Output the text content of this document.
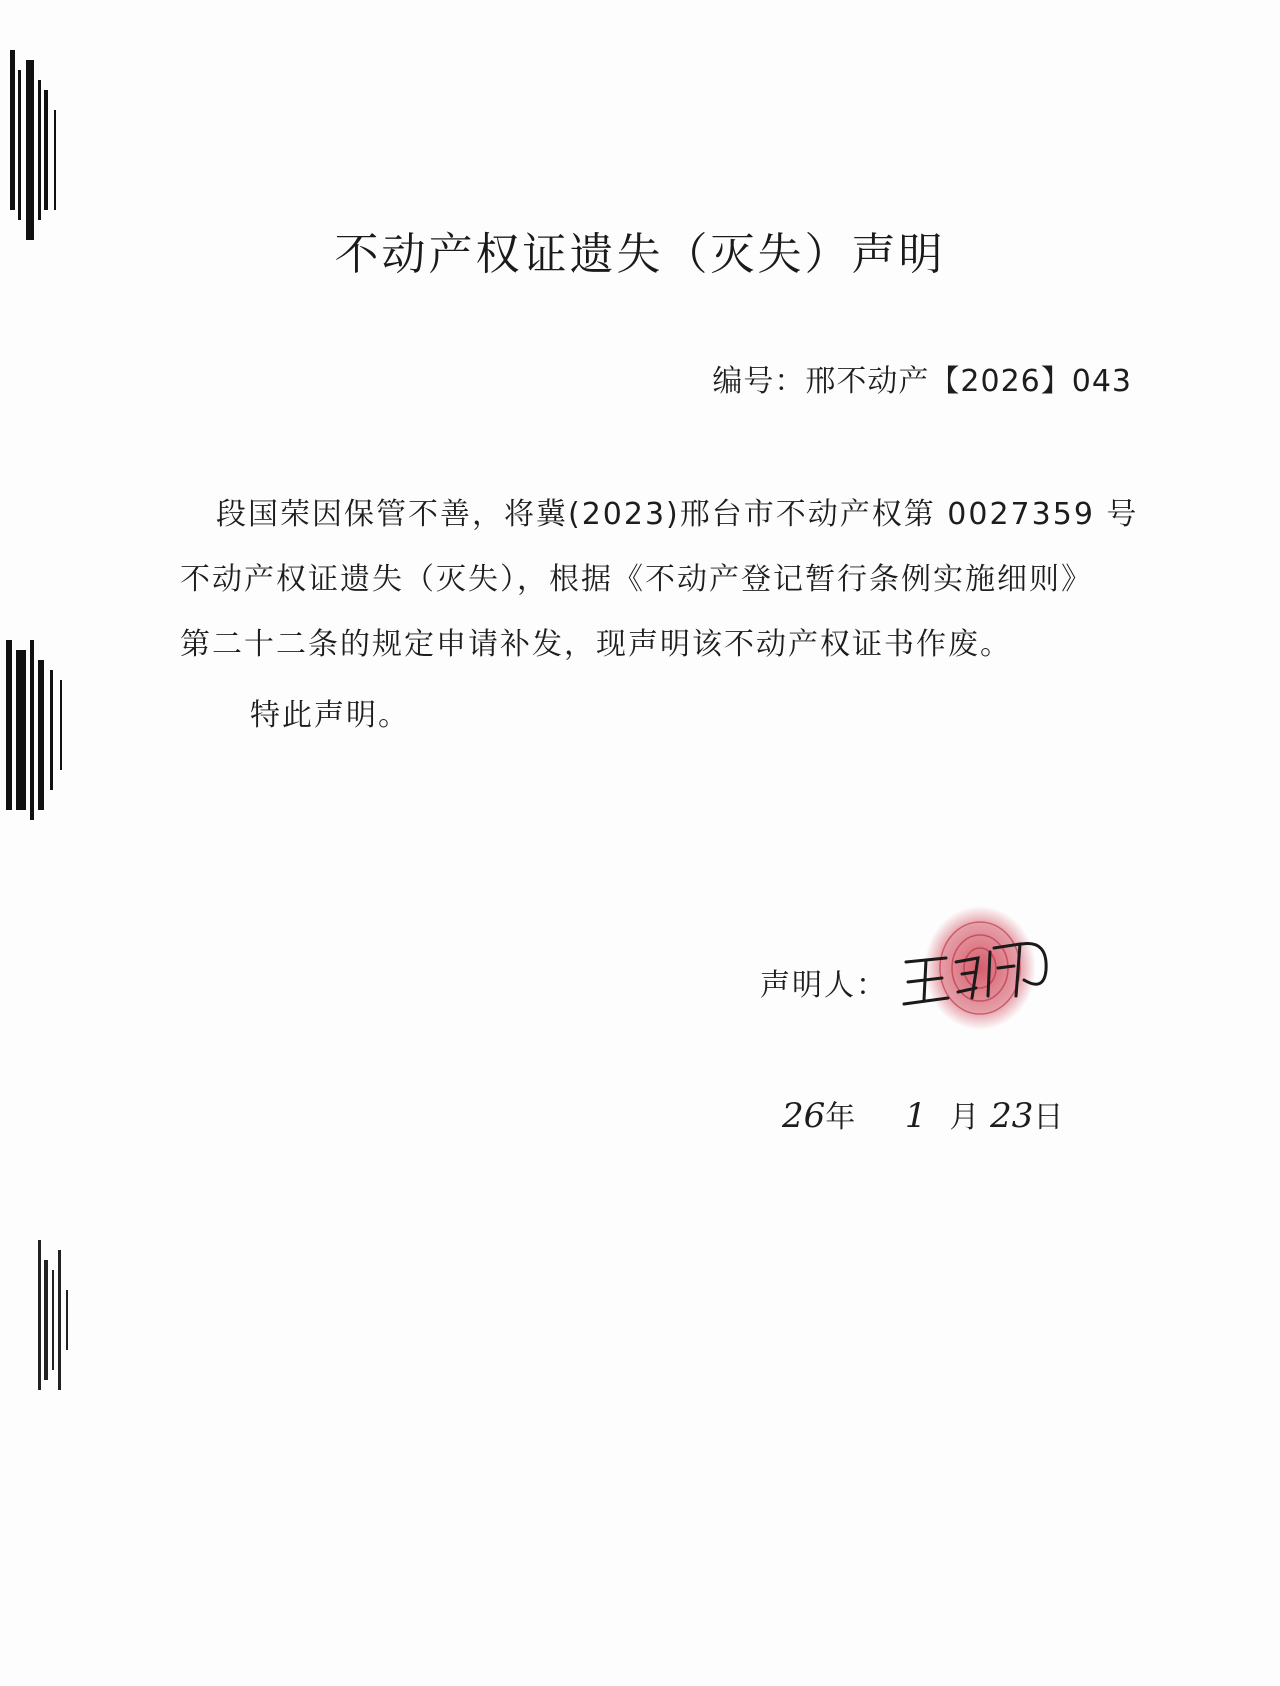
不动产权证遗失（灭失）声明
编号：邢不动产【2026】043
段国荣因保管不善，将冀(2023)邢台市不动产权第 0027359 号
不动产权证遗失（灭失），根据《不动产登记暂行条例实施细则》
第二十二条的规定申请补发，现声明该不动产权证书作废。
特此声明。
声明人：
26年 1 月 23日
